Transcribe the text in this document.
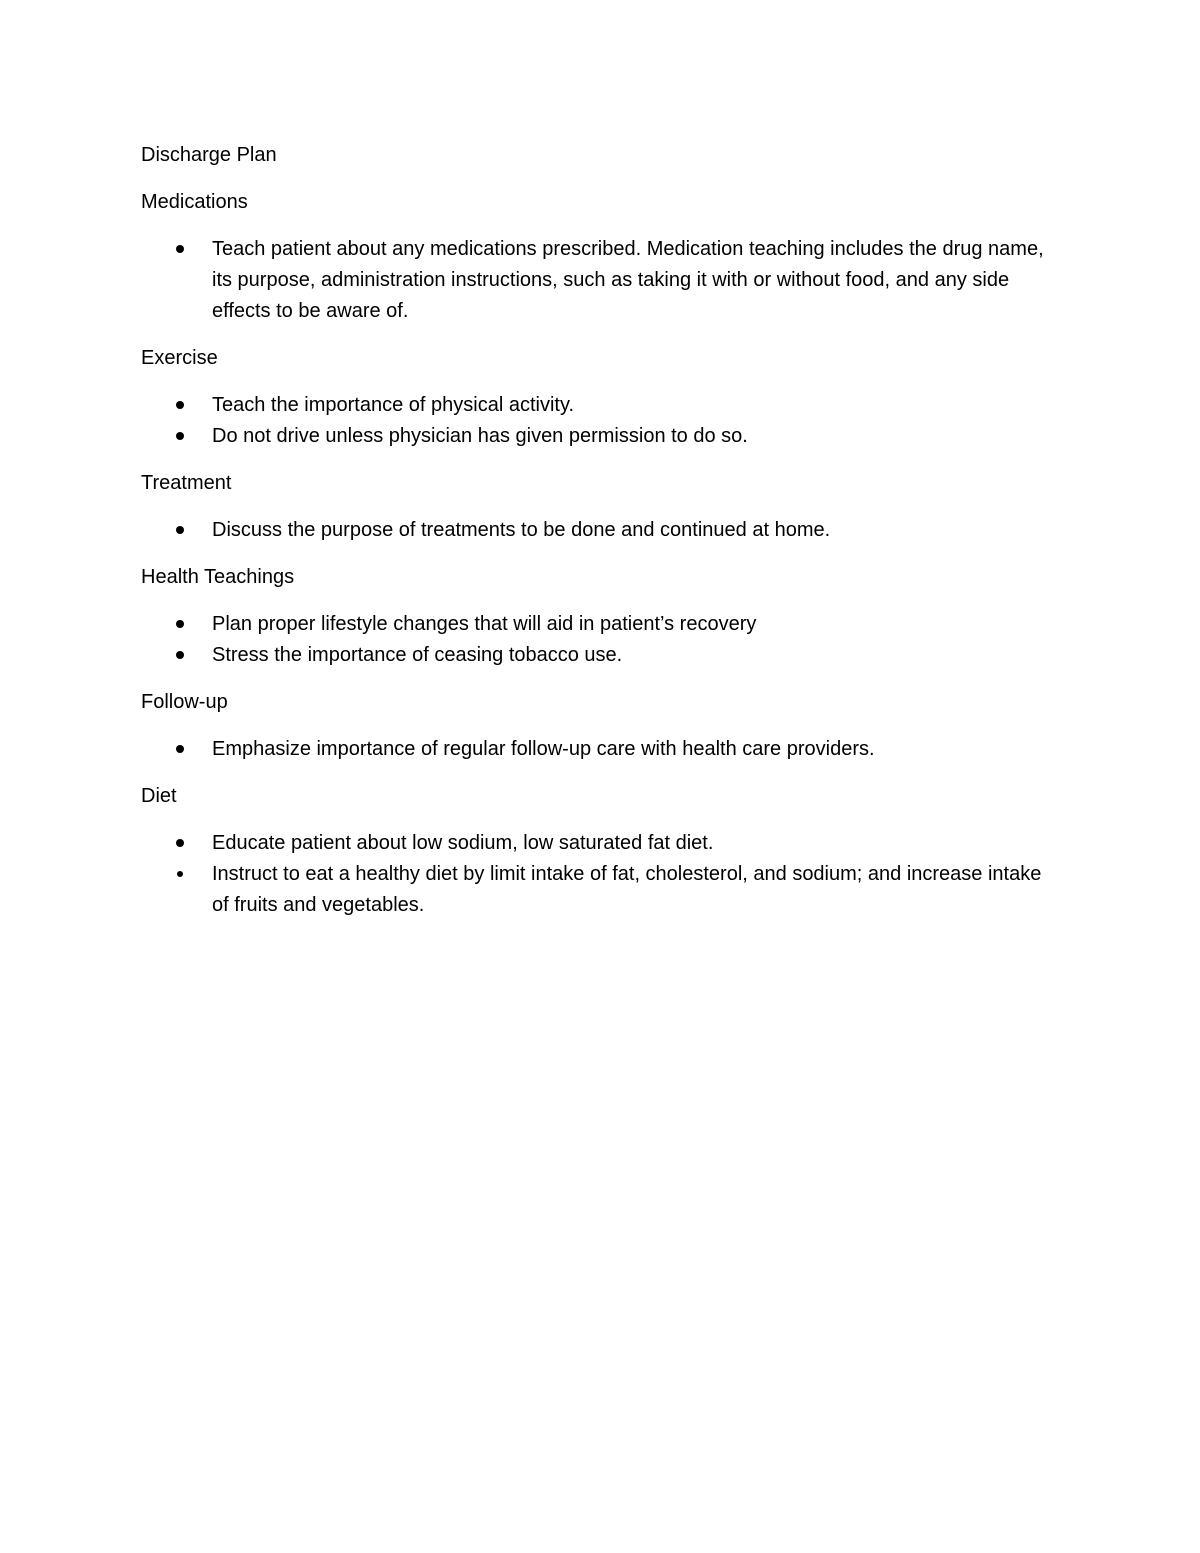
Discharge Plan

Medications

Teach patient about any medications prescribed. Medication teaching includes the drug name, its purpose, administration instructions, such as taking it with or without food, and any side effects to be aware of.

Exercise

Teach the importance of physical activity.
Do not drive unless physician has given permission to do so.

Treatment

Discuss the purpose of treatments to be done and continued at home.

Health Teachings

Plan proper lifestyle changes that will aid in patient’s recovery
Stress the importance of ceasing tobacco use.

Follow-up

Emphasize importance of regular follow-up care with health care providers.

Diet

Educate patient about low sodium, low saturated fat diet.
Instruct to eat a healthy diet by limit intake of fat, cholesterol, and sodium; and increase intake of fruits and vegetables.
